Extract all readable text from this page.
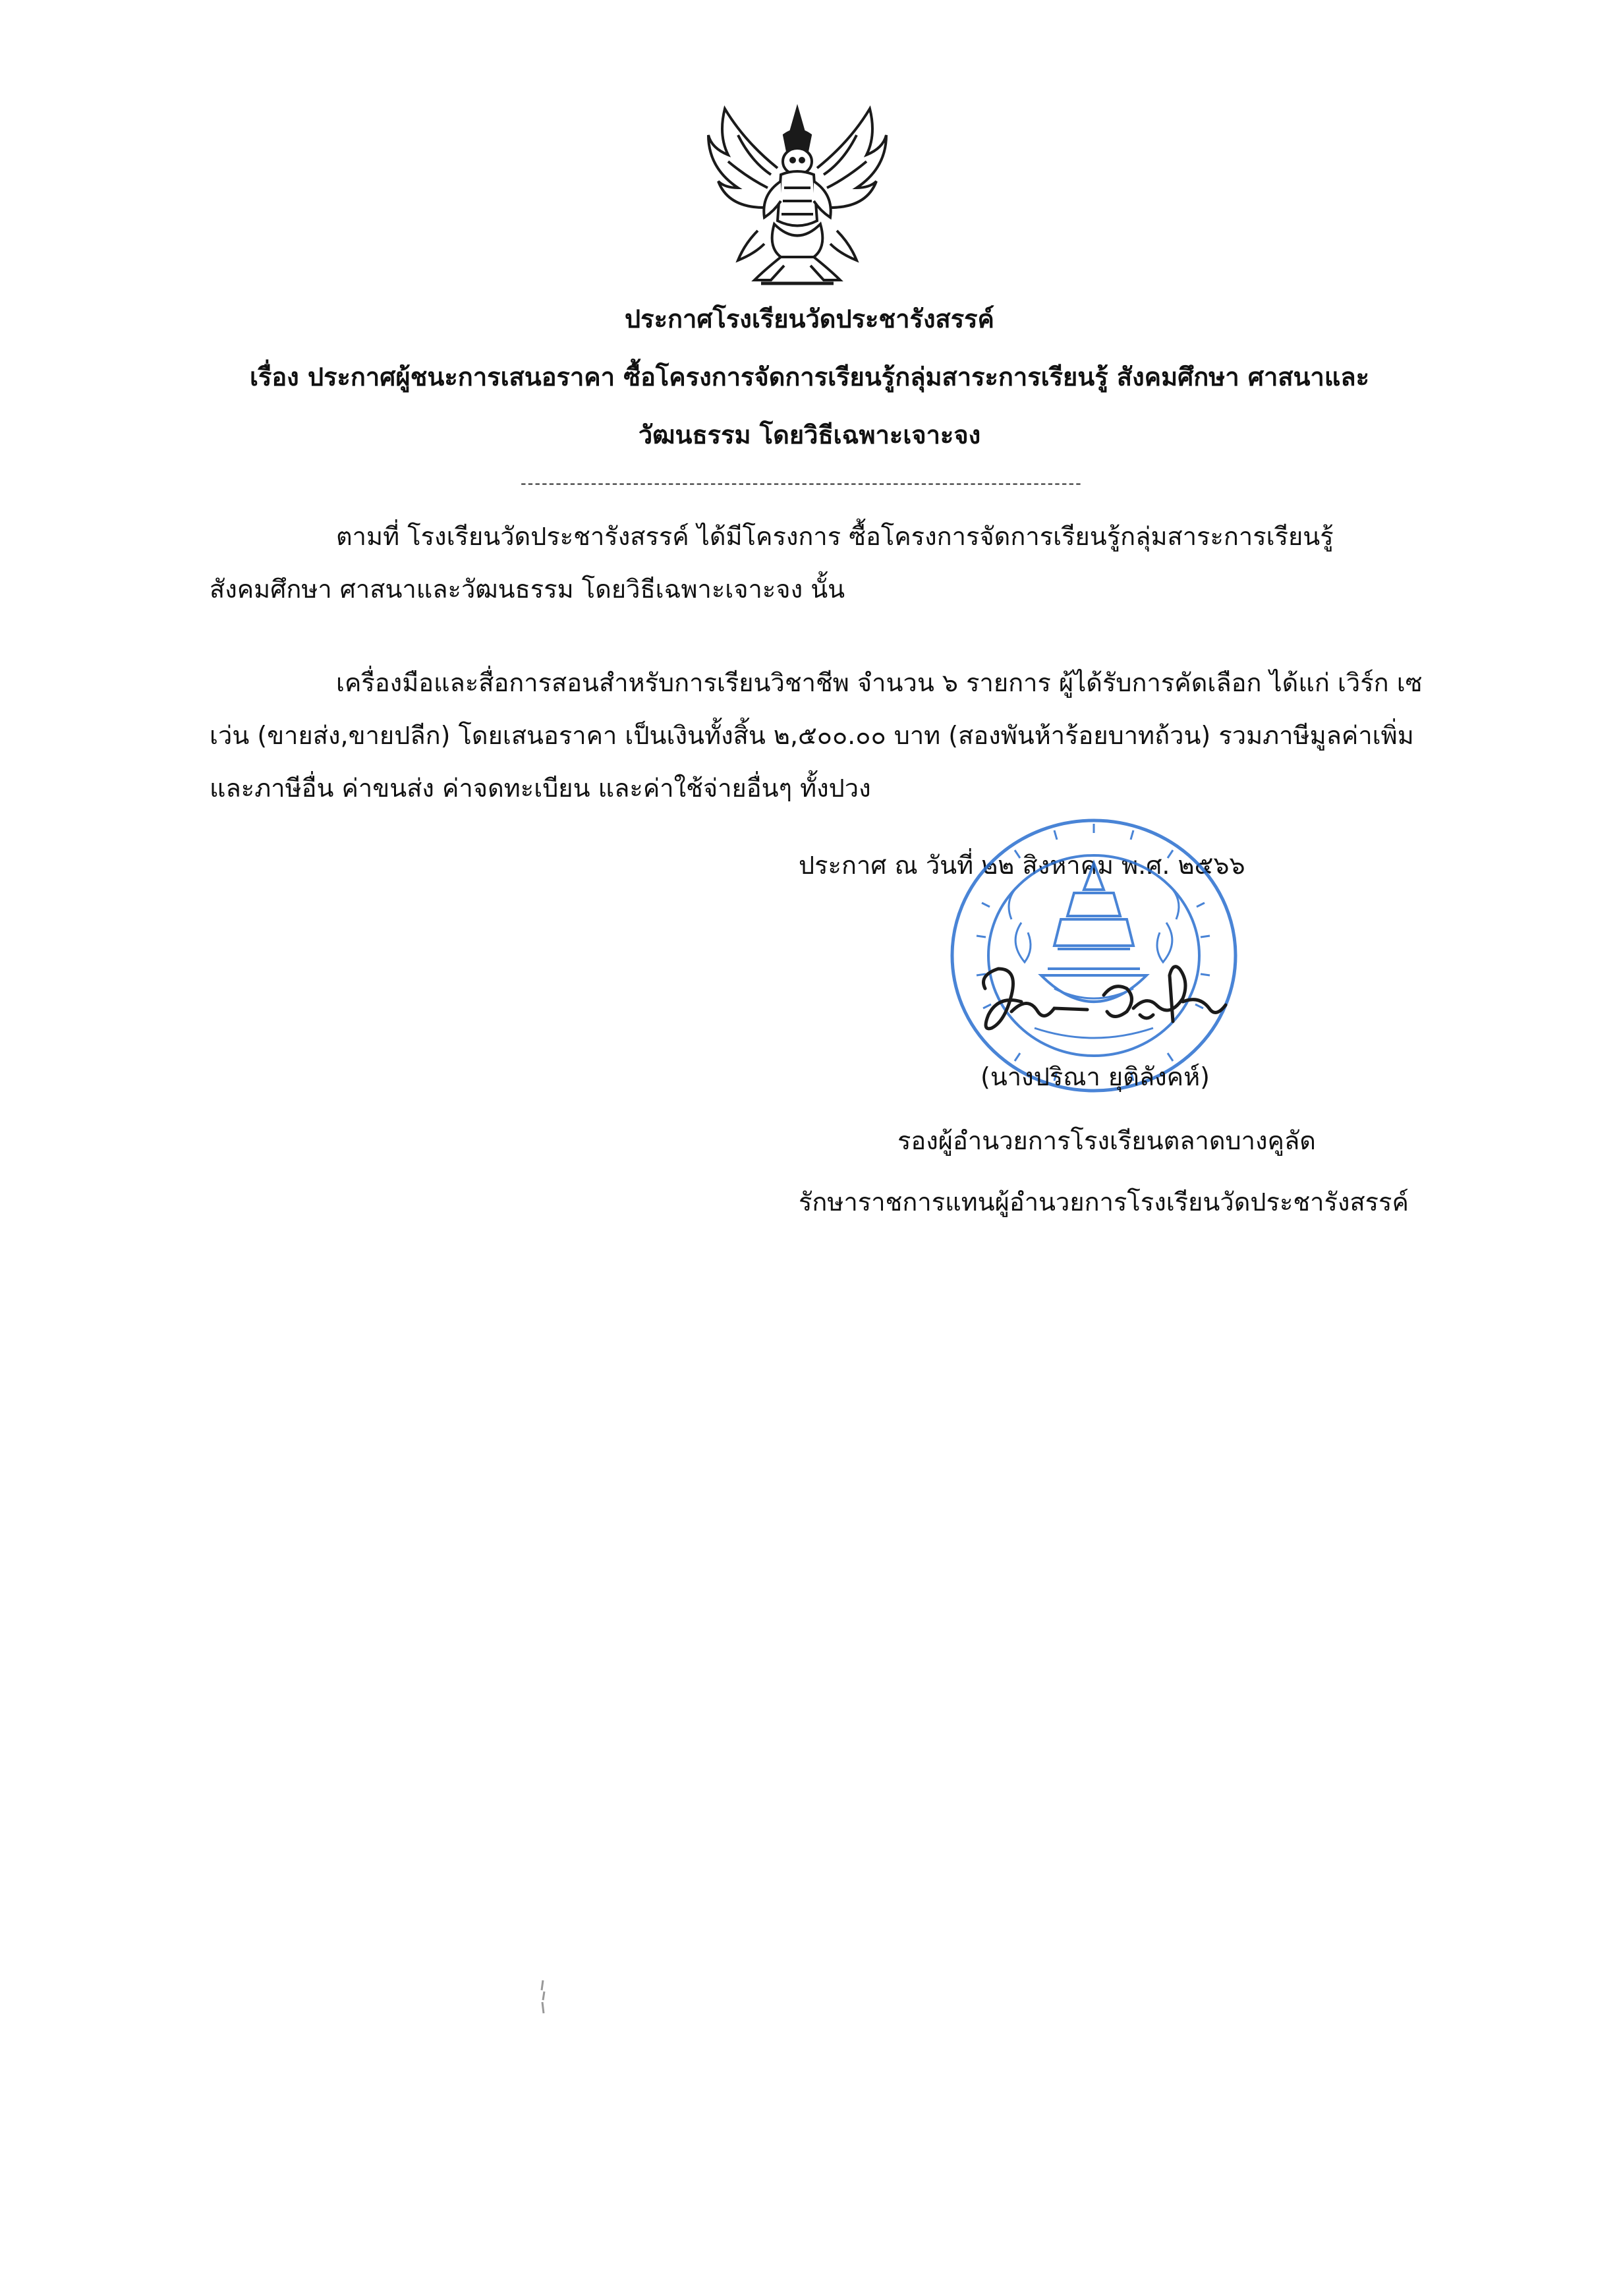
ประกาศโรงเรียนวัดประชารังสรรค์
เรื่อง ประกาศผู้ชนะการเสนอราคา ซื้อโครงการจัดการเรียนรู้กลุ่มสาระการเรียนรู้ สังคมศึกษา ศาสนาและ
วัฒนธรรม โดยวิธีเฉพาะเจาะจง
--------------------------------------------------------------------------------
ตามที่ โรงเรียนวัดประชารังสรรค์ ได้มีโครงการ ซื้อโครงการจัดการเรียนรู้กลุ่มสาระการเรียนรู้
สังคมศึกษา ศาสนาและวัฒนธรรม โดยวิธีเฉพาะเจาะจง นั้น
เครื่องมือและสื่อการสอนสำหรับการเรียนวิชาชีพ จำนวน ๖ รายการ ผู้ได้รับการคัดเลือก ได้แก่ เวิร์ก เซ
เว่น (ขายส่ง,ขายปลีก) โดยเสนอราคา เป็นเงินทั้งสิ้น ๒,๕๐๐.๐๐ บาท (สองพันห้าร้อยบาทถ้วน) รวมภาษีมูลค่าเพิ่ม
และภาษีอื่น ค่าขนส่ง ค่าจดทะเบียน และค่าใช้จ่ายอื่นๆ ทั้งปวง
ประกาศ ณ วันที่ ๒๒ สิงหาคม พ.ศ. ๒๕๖๖
(นางปริณา ยุติลังคห์)
รองผู้อำนวยการโรงเรียนตลาดบางคูลัด
รักษาราชการแทนผู้อำนวยการโรงเรียนวัดประชารังสรรค์
